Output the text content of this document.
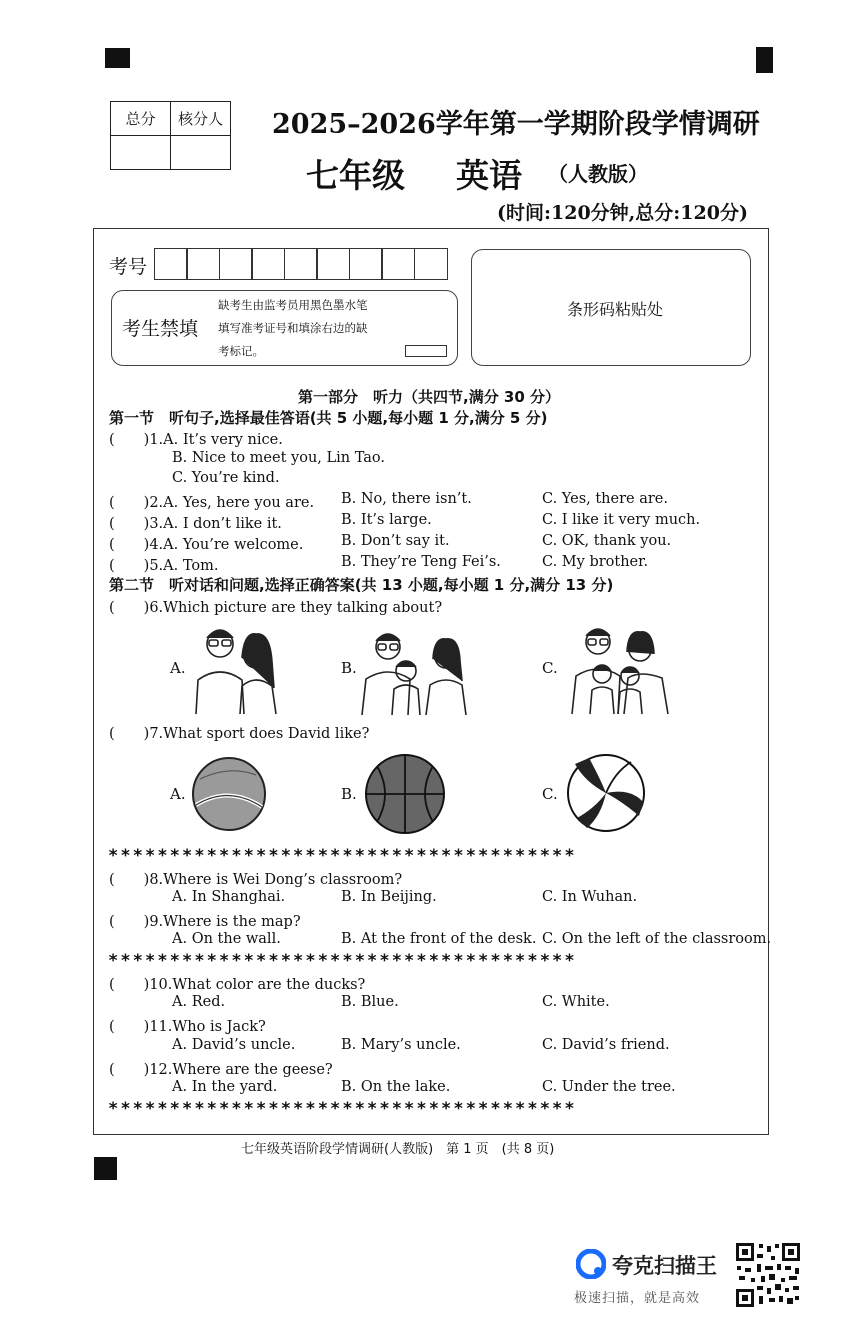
总分	核分人
	2025–2026学年第一学期阶段学情调研
七年级 英语 （人教版）
(时间:120分钟,总分:120分)
考号
考生禁填
缺考生由监考员用黑色墨水笔
填写准考证号和填涂右边的缺
考标记。
条形码粘贴处
第一部分　听力（共四节,满分 30 分）
第一节　听句子,选择最佳答语(共 5 小题,每小题 1 分,满分 5 分)
(　　)1.A. It’s very nice.
B. Nice to meet you, Lin Tao.
C. You’re kind.
(　　)2.A. Yes, here you are. B. No, there isn’t.	C. Yes, there are.
(　　)3.A. I don’t like it.	B. It’s large.	C. I like it very much.
(　　)4.A. You’re welcome.	B. Don’t say it.	C. OK, thank you.
(　　)5.A. Tom.	B. They’re Teng Fei’s.	C. My brother.
第二节　听对话和问题,选择正确答案(共 13 小题,每小题 1 分,满分 13 分)
(　　)6.Which picture are they talking about?
A.	B.	C.
(　　)7.What sport does David like?
A.	B.	C.
**************************************
(　　)8.Where is Wei Dong’s classroom?
A. In Shanghai.	B. In Beijing.	C. In Wuhan.
(　　)9.Where is the map?
A. On the wall.	B. At the front of the desk. C. On the left of the classroom.
**************************************
(　　)10.What color are the ducks?
A. Red.	B. Blue.	C. White.
(　　)11.Who is Jack?
A. David’s uncle.	B. Mary’s uncle.	C. David’s friend.
(　　)12.Where are the geese?
A. In the yard.	B. On the lake.	C. Under the tree.
**************************************
七年级英语阶段学情调研(人教版)　第 1 页　(共 8 页)
夸克扫描王
极速扫描，就是高效
